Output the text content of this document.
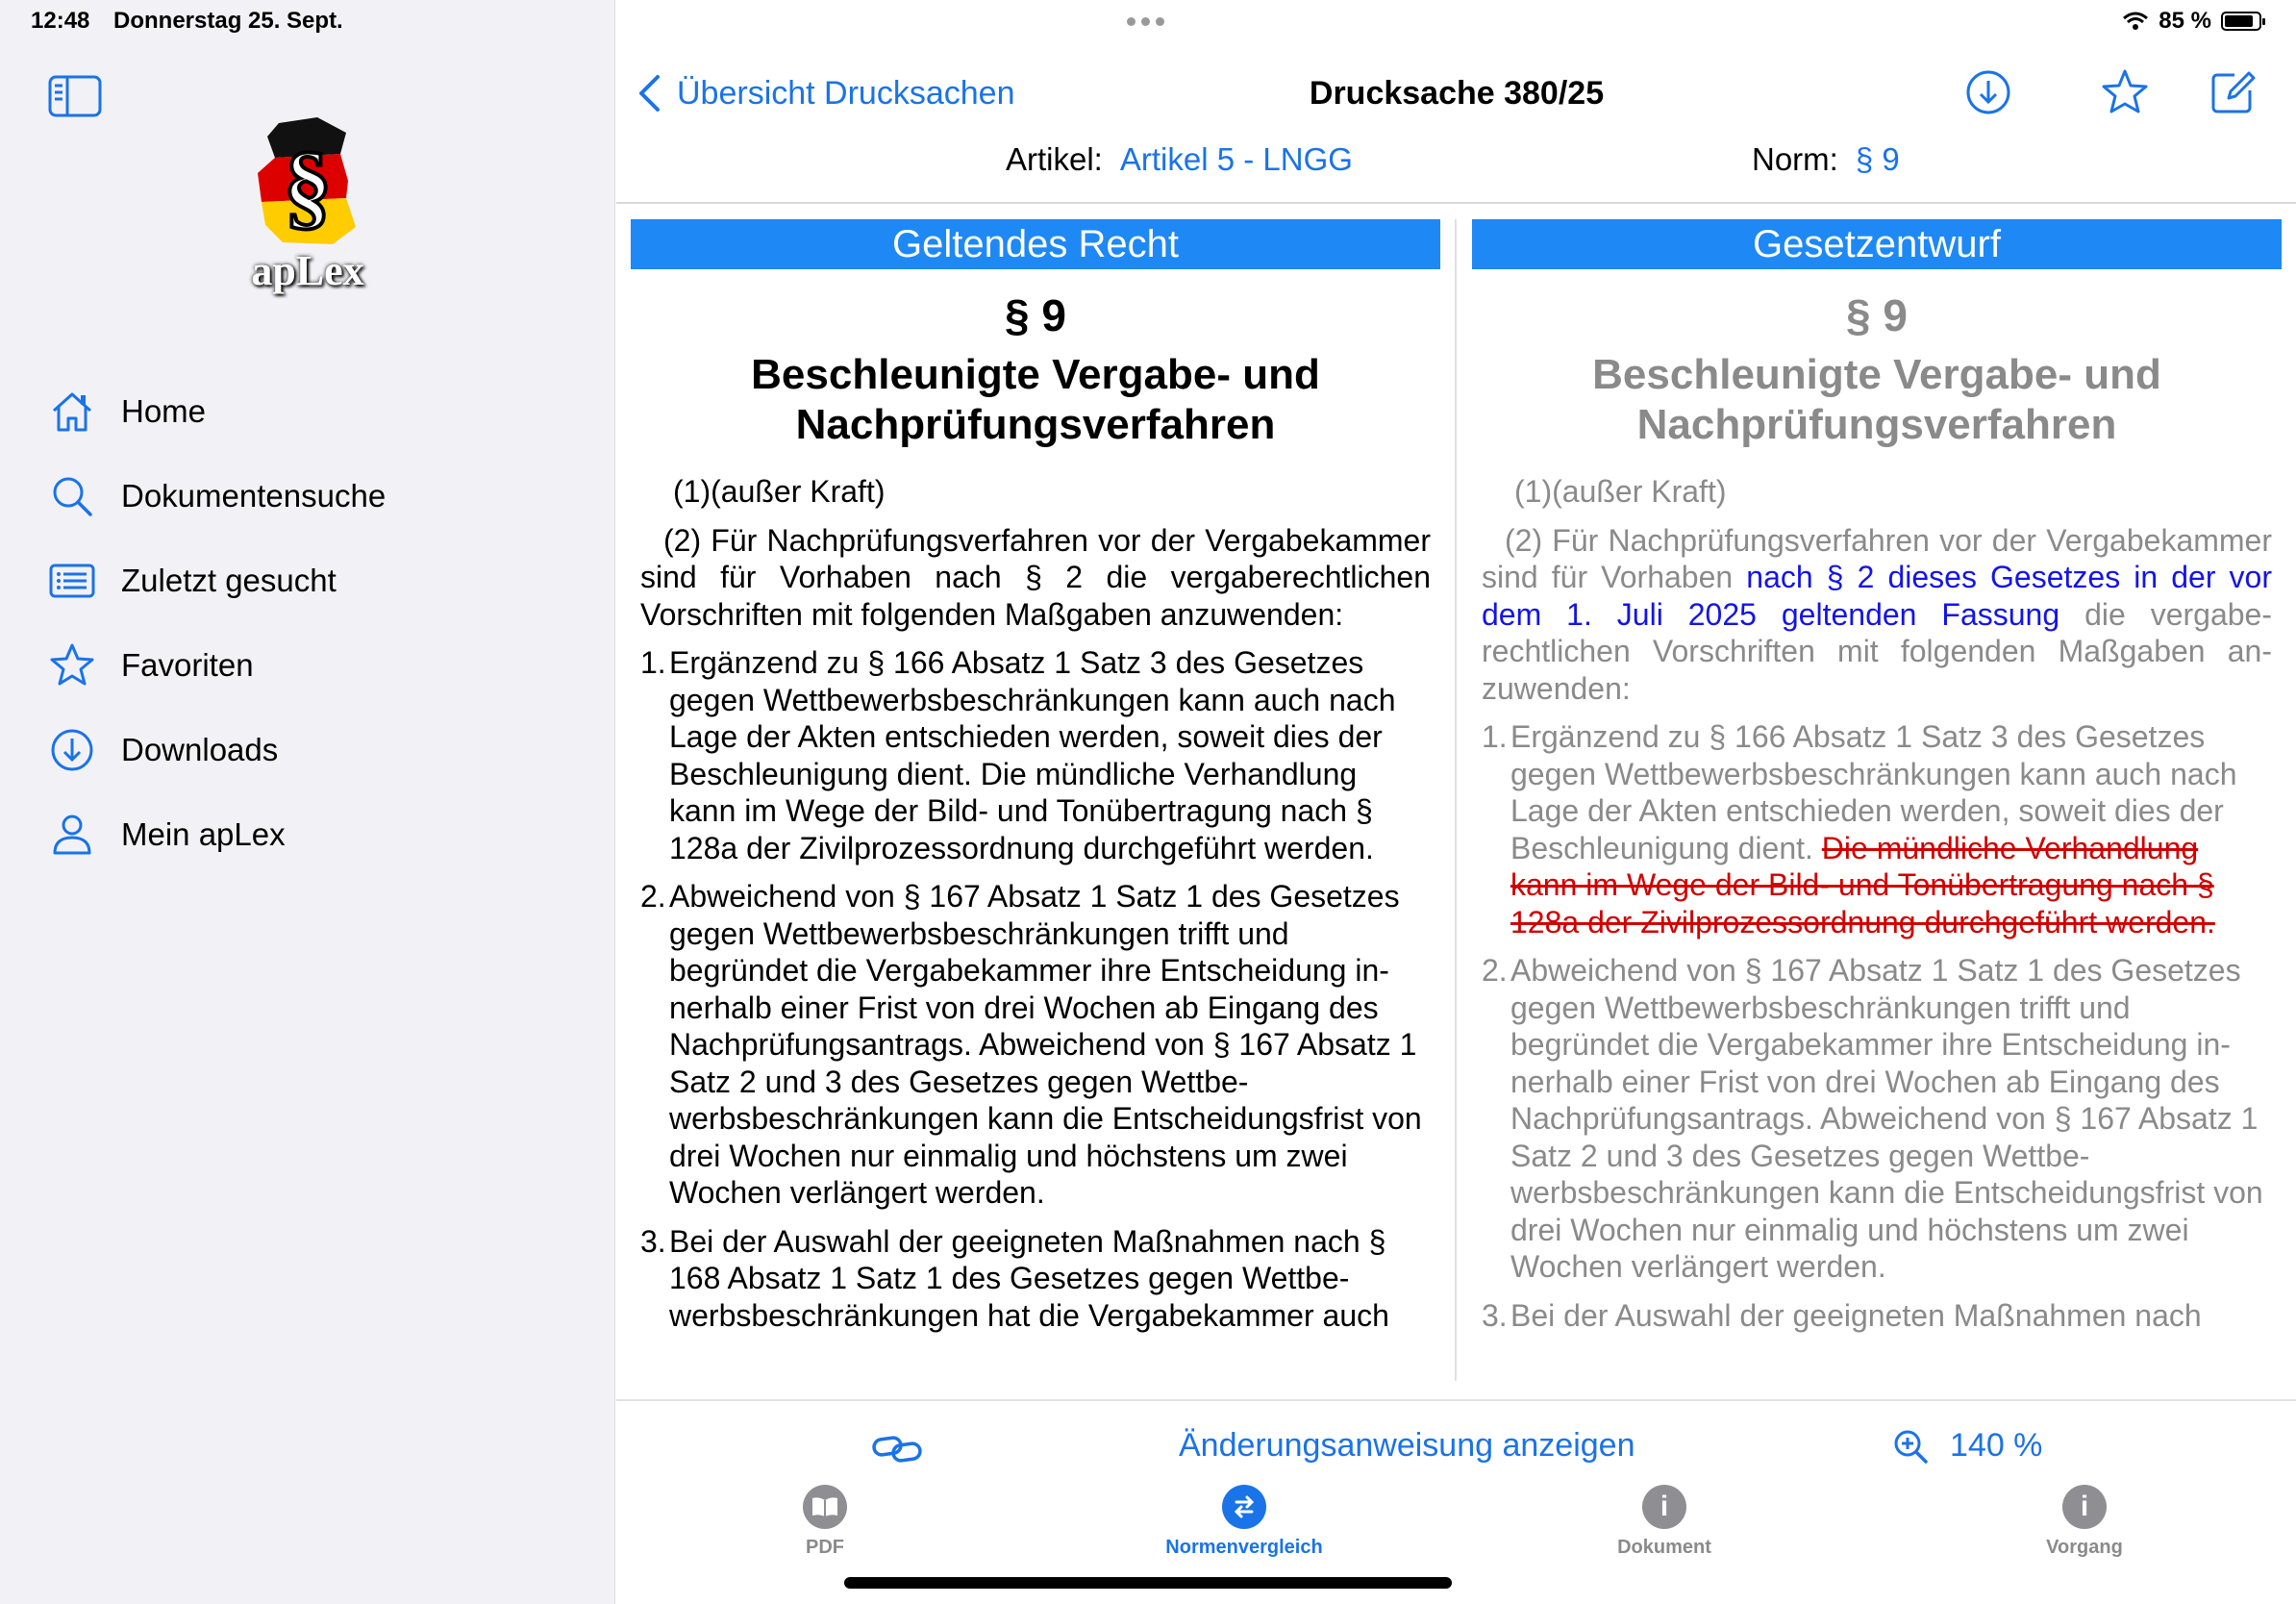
12:48 Donnerstag 25. Sept.
§
apLex
Home
Dokumentensuche
Zuletzt gesucht
Favoriten
Downloads
Mein apLex
85 %
Übersicht Drucksachen	Drucksache 380/25
Artikel: Artikel 5 - LNGG	Norm: § 9
Geltendes Recht
§ 9
Beschleunigte Vergabe- und
Nachprüfungsverfahren
(1)(außer Kraft)
(2) Für Nachprüfungsverfahren vor der Vergabekammer sind für Vorhaben nach § 2 die vergaberechtlichen Vorschriften mit folgenden Maßgaben anzuwenden:
1. Ergänzend zu § 166 Absatz 1 Satz 3 des Gesetzes gegen Wettbewerbsbeschränkungen kann auch nach Lage der Akten entschieden werden, soweit dies der Beschleunigung dient. Die mündliche Verhandlung kann im Wege der Bild- und Tonübertragung nach § 128a der Zivilprozessordnung durchgeführt werden.
2. Abweichend von § 167 Absatz 1 Satz 1 des Gesetzes gegen Wettbewerbsbeschränkungen trifft und begründet die Vergabekammer ihre Entscheidung innerhalb einer Frist von drei Wochen ab Eingang des Nachprüfungsantrags. Abweichend von § 167 Absatz 1 Satz 2 und 3 des Gesetzes gegen Wettbewerbsbeschränkungen kann die Entscheidungsfrist von drei Wochen nur einmalig und höchstens um zwei Wochen verlängert werden.
3. Bei der Auswahl der geeigneten Maßnahmen nach § 168 Absatz 1 Satz 1 des Gesetzes gegen Wettbewerbsbeschränkungen hat die Vergabekammer auch
Gesetzentwurf
§ 9
Beschleunigte Vergabe- und
Nachprüfungsverfahren
(1)(außer Kraft)
(2) Für Nachprüfungsverfahren vor der Vergabekammer sind für Vorhaben nach § 2 dieses Gesetzes in der vor dem 1. Juli 2025 geltenden Fassung die vergaberechtlichen Vorschriften mit folgenden Maßgaben anzuwenden:
1. Ergänzend zu § 166 Absatz 1 Satz 3 des Gesetzes gegen Wettbewerbsbeschränkungen kann auch nach Lage der Akten entschieden werden, soweit dies der Beschleunigung dient. Die mündliche Verhandlung kann im Wege der Bild- und Tonübertragung nach § 128a der Zivilprozessordnung durchgeführt werden.
2. Abweichend von § 167 Absatz 1 Satz 1 des Gesetzes gegen Wettbewerbsbeschränkungen trifft und begründet die Vergabekammer ihre Entscheidung innerhalb einer Frist von drei Wochen ab Eingang des Nachprüfungsantrags. Abweichend von § 167 Absatz 1 Satz 2 und 3 des Gesetzes gegen Wettbewerbsbeschränkungen kann die Entscheidungsfrist von drei Wochen nur einmalig und höchstens um zwei Wochen verlängert werden.
3. Bei der Auswahl der geeigneten Maßnahmen nach
Änderungsanweisung anzeigen	140 %
PDF	Normenvergleich
i
Dokument
i
Vorgang
